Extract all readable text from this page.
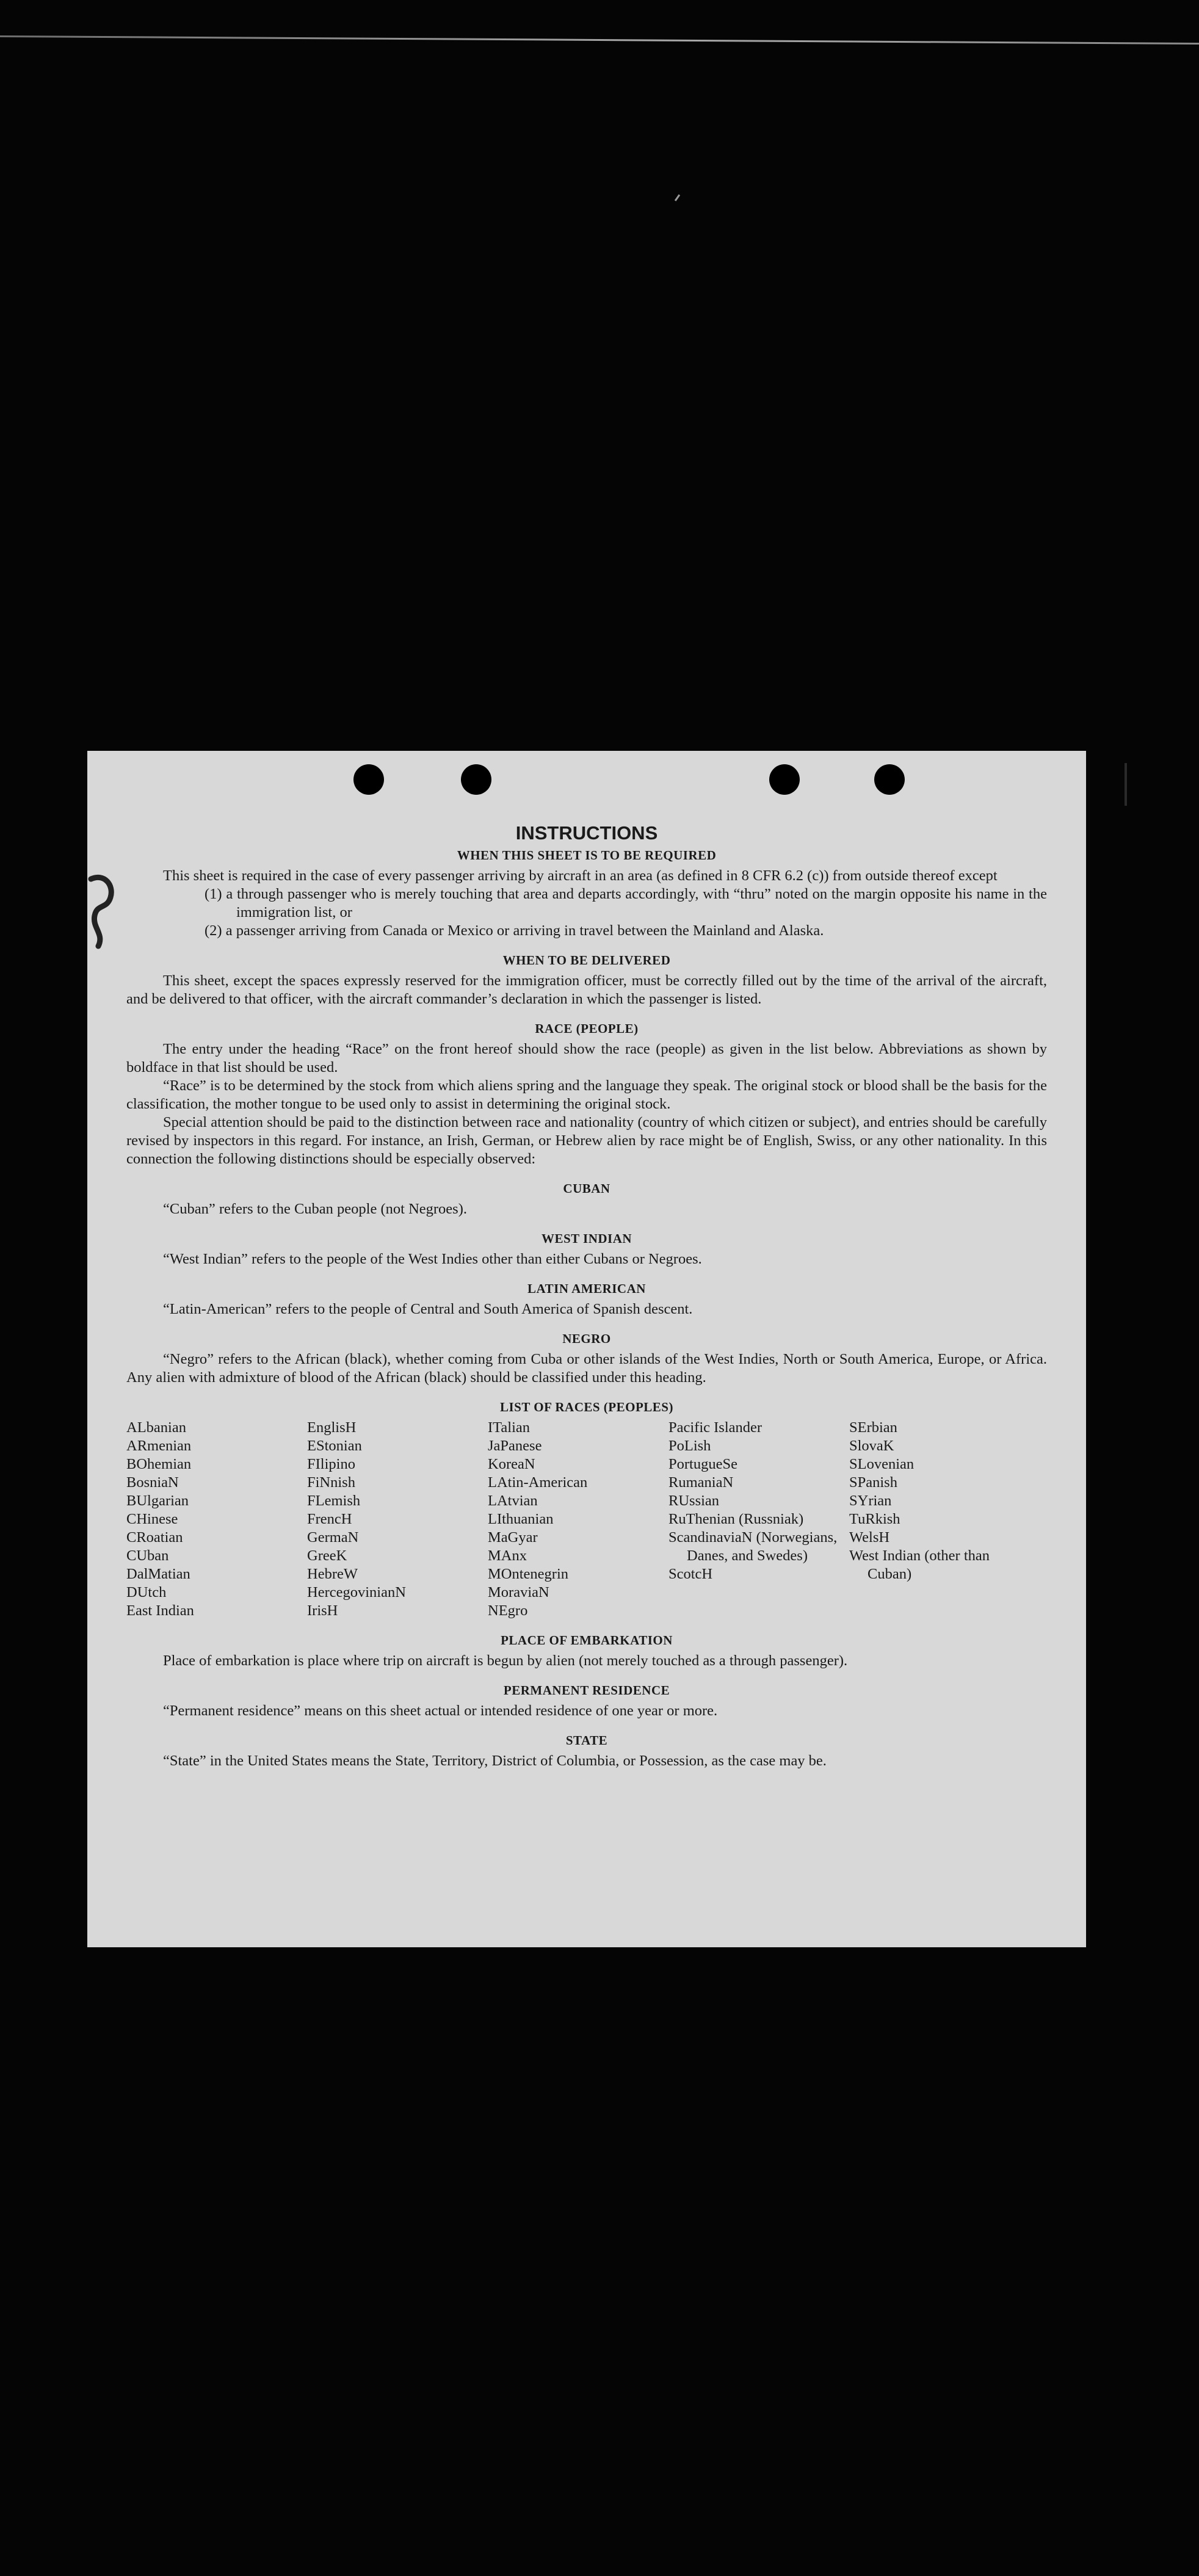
INSTRUCTIONS
WHEN THIS SHEET IS TO BE REQUIRED

This sheet is required in the case of every passenger arriving by aircraft in an area (as defined in 8 CFR 6.2 (c)) from outside thereof except

(1) a through passenger who is merely touching that area and departs accordingly, with “thru” noted on the margin opposite his name in the immigration list, or

(2) a passenger arriving from Canada or Mexico or arriving in travel between the Mainland and Alaska.

WHEN TO BE DELIVERED

This sheet, except the spaces expressly reserved for the immigration officer, must be correctly filled out by the time of the arrival of the aircraft, and be delivered to that officer, with the aircraft commander’s declaration in which the passenger is listed.

RACE (PEOPLE)

The entry under the heading “Race” on the front hereof should show the race (people) as given in the list below. Abbreviations as shown by boldface in that list should be used.

“Race” is to be determined by the stock from which aliens spring and the language they speak. The original stock or blood shall be the basis for the classification, the mother tongue to be used only to assist in determining the original stock.

Special attention should be paid to the distinction between race and nationality (country of which citizen or subject), and entries should be carefully revised by inspectors in this regard. For instance, an Irish, German, or Hebrew alien by race might be of English, Swiss, or any other nationality. In this connection the following distinctions should be especially observed:

CUBAN

“Cuban” refers to the Cuban people (not Negroes).

WEST INDIAN

“West Indian” refers to the people of the West Indies other than either Cubans or Negroes.

LATIN AMERICAN

“Latin-American” refers to the people of Central and South America of Spanish descent.

NEGRO

“Negro” refers to the African (black), whether coming from Cuba or other islands of the West Indies, North or South America, Europe, or Africa. Any alien with admixture of blood of the African (black) should be classified under this heading.

LIST OF RACES (PEOPLES)
ALbanian
ARmenian
BOhemian
BosniaN
BUlgarian
CHinese
CRoatian
CUban
DalMatian
DUtch
East Indian
EnglisH
EStonian
FIlipino
FiNnish
FLemish
FrencH
GermaN
GreeK
HebreW
HercegovinianN
IrisH
ITalian
JaPanese
KoreaN
LAtin-American
LAtvian
LIthuanian
MaGyar
MAnx
MOntenegrin
MoraviaN
NEgro
Pacific Islander
PoLish
PortugueSe
RumaniaN
RUssian
RuThenian (Russniak)
ScandinaviaN (Norwegians, Danes, and Swedes)
ScotcH
SErbian
SlovaK
SLovenian
SPanish
SYrian
TuRkish
WelsH
West Indian (other than Cuban)
PLACE OF EMBARKATION

Place of embarkation is place where trip on aircraft is begun by alien (not merely touched as a through passenger).

PERMANENT RESIDENCE

“Permanent residence” means on this sheet actual or intended residence of one year or more.

STATE

“State” in the United States means the State, Territory, District of Columbia, or Possession, as the case may be.
